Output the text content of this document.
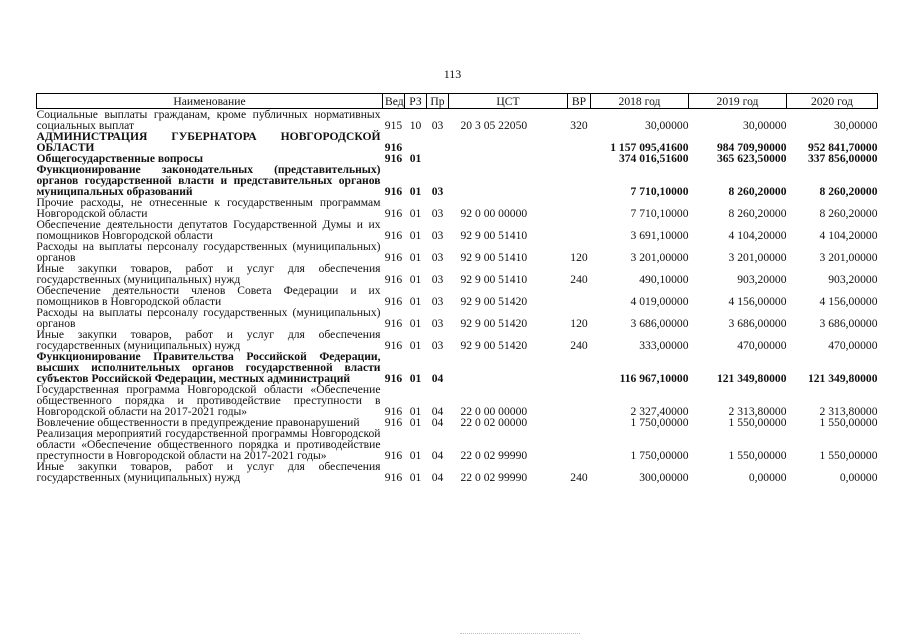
113
Наименование	Вед	РЗ	Пр	ЦСТ	ВР	2018 год	2019 год	2020 год
Социальные выплаты гражданам, кроме публичных нормативных социальных выплат	915	10	03	20 3 05 22050	320	30,00000	30,00000	30,00000
АДМИНИСТРАЦИЯ ГУБЕРНАТОРА НОВГОРОДСКОЙ ОБЛАСТИ	916					1 157 095,41600	984 709,90000	952 841,70000
Общегосударственные вопросы	916	01				374 016,51600	365 623,50000	337 856,00000
Функционирование законодательных (представительных) органов государственной власти и представительных органов муниципальных образований	916	01	03			7 710,10000	8 260,20000	8 260,20000
Прочие расходы, не отнесенные к государственным программам Новгородской области	916	01	03	92 0 00 00000		7 710,10000	8 260,20000	8 260,20000
Обеспечение деятельности депутатов Государственной Думы и их помощников Новгородской области	916	01	03	92 9 00 51410		3 691,10000	4 104,20000	4 104,20000
Расходы на выплаты персоналу государственных (муниципальных) органов	916	01	03	92 9 00 51410	120	3 201,00000	3 201,00000	3 201,00000
Иные закупки товаров, работ и услуг для обеспечения государственных (муниципальных) нужд	916	01	03	92 9 00 51410	240	490,10000	903,20000	903,20000
Обеспечение деятельности членов Совета Федерации и их помощников в Новгородской области	916	01	03	92 9 00 51420		4 019,00000	4 156,00000	4 156,00000
Расходы на выплаты персоналу государственных (муниципальных) органов	916	01	03	92 9 00 51420	120	3 686,00000	3 686,00000	3 686,00000
Иные закупки товаров, работ и услуг для обеспечения государственных (муниципальных) нужд	916	01	03	92 9 00 51420	240	333,00000	470,00000	470,00000
Функционирование Правительства Российской Федерации, высших исполнительных органов государственной власти субъектов Российской Федерации, местных администраций	916	01	04			116 967,10000	121 349,80000	121 349,80000
Государственная программа Новгородской области «Обеспечение общественного порядка и противодействие преступности в Новгородской области на 2017-2021 годы»	916	01	04	22 0 00 00000		2 327,40000	2 313,80000	2 313,80000
Вовлечение общественности в предупреждение правонарушений	916	01	04	22 0 02 00000		1 750,00000	1 550,00000	1 550,00000
Реализация мероприятий государственной программы Новгородской области «Обеспечение общественного порядка и противодействие преступности в Новгородской области на 2017-2021 годы»	916	01	04	22 0 02 99990		1 750,00000	1 550,00000	1 550,00000
Иные закупки товаров, работ и услуг для обеспечения государственных (муниципальных) нужд	916	01	04	22 0 02 99990	240	300,00000	0,00000	0,00000
